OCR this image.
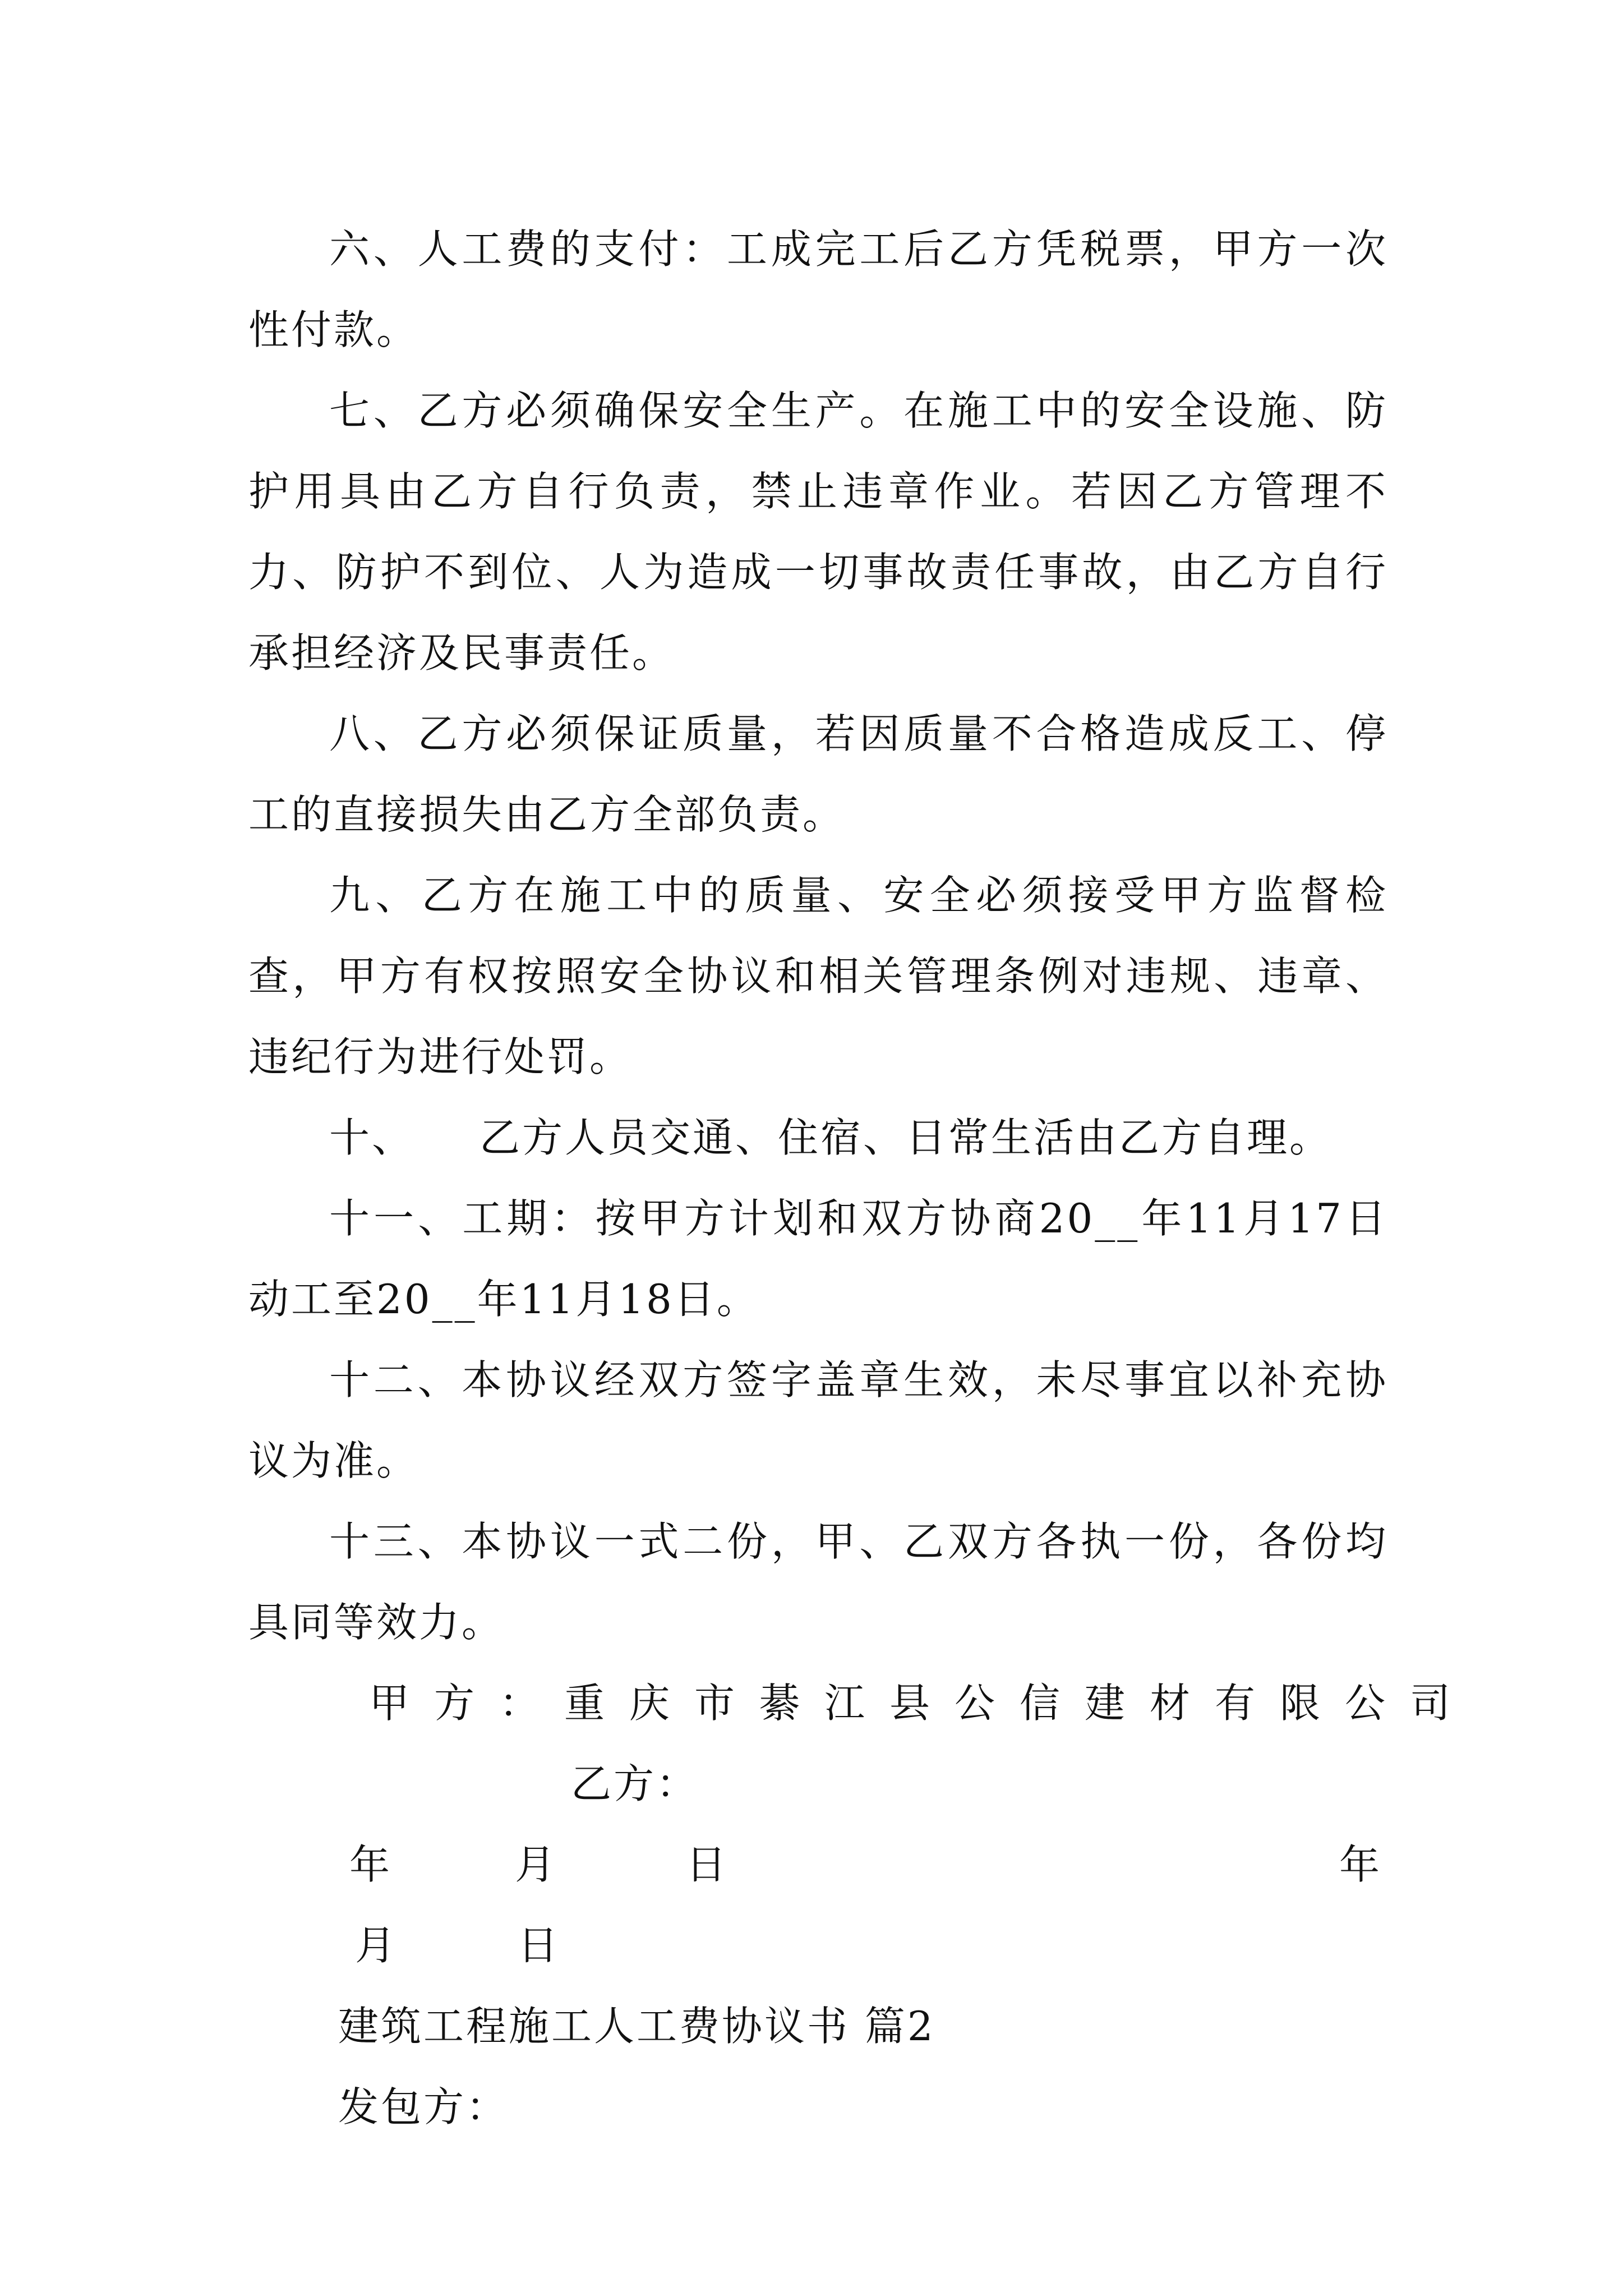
六、人工费的支付：工成完工后乙方凭税票，甲方一次性付款。

七、乙方必须确保安全生产。在施工中的安全设施、防护用具由乙方自行负责，禁止违章作业。若因乙方管理不力、防护不到位、人为造成一切事故责任事故，由乙方自行承担经济及民事责任。

八、乙方必须保证质量，若因质量不合格造成反工、停工的直接损失由乙方全部负责。

九、乙方在施工中的质量、安全必须接受甲方监督检查，甲方有权按照安全协议和相关管理条例对违规、违章、违纪行为进行处罚。

十、　　乙方人员交通、住宿、日常生活由乙方自理。

十一、工期：按甲方计划和双方协商20__年11月17日动工至20__年11月18日。

十二、本协议经双方签字盖章生效，未尽事宜以补充协议为准。

十三、本协议一式二份，甲、乙双方各执一份，各份均具同等效力。

甲方：重庆市綦江县公信建材有限公司
乙方：
年	月	日	年
月	日
建筑工程施工人工费协议书 篇2
发包方：
